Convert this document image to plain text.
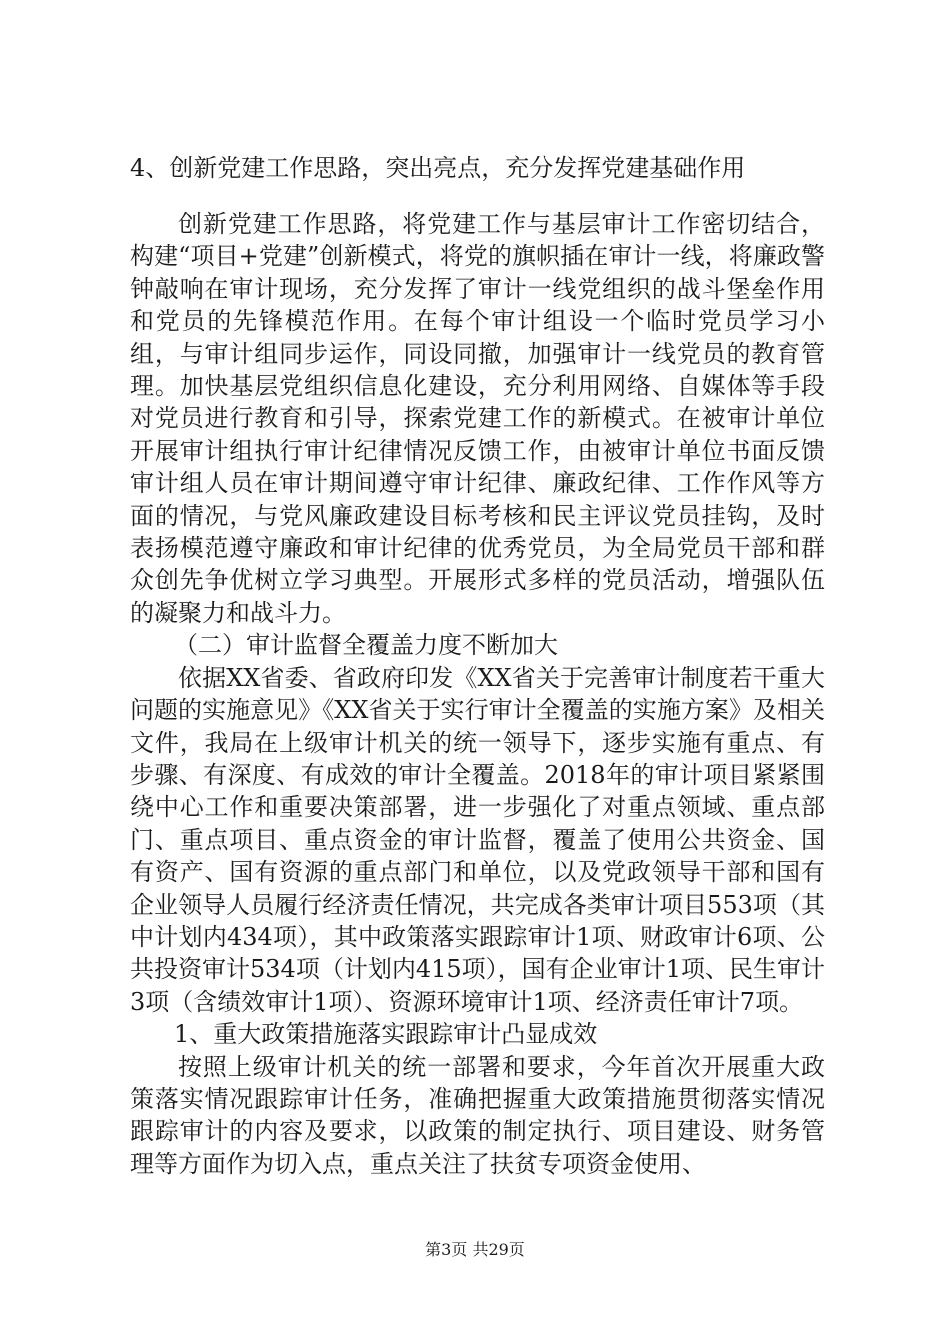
4、创新党建工作思路，突出亮点，充分发挥党建基础作用

创新党建工作思路，将党建工作与基层审计工作密切结合，构建“项目+党建”创新模式，将党的旗帜插在审计一线，将廉政警钟敲响在审计现场，充分发挥了审计一线党组织的战斗堡垒作用和党员的先锋模范作用。在每个审计组设一个临时党员学习小组，与审计组同步运作，同设同撤，加强审计一线党员的教育管理。加快基层党组织信息化建设，充分利用网络、自媒体等手段对党员进行教育和引导，探索党建工作的新模式。在被审计单位开展审计组执行审计纪律情况反馈工作，由被审计单位书面反馈审计组人员在审计期间遵守审计纪律、廉政纪律、工作作风等方面的情况，与党风廉政建设目标考核和民主评议党员挂钩，及时表扬模范遵守廉政和审计纪律的优秀党员，为全局党员干部和群众创先争优树立学习典型。开展形式多样的党员活动，增强队伍的凝聚力和战斗力。

（二）审计监督全覆盖力度不断加大

依据XX省委、省政府印发《XX省关于完善审计制度若干重大问题的实施意见》《XX省关于实行审计全覆盖的实施方案》及相关文件，我局在上级审计机关的统一领导下，逐步实施有重点、有步骤、有深度、有成效的审计全覆盖。2018年的审计项目紧紧围绕中心工作和重要决策部署，进一步强化了对重点领域、重点部门、重点项目、重点资金的审计监督，覆盖了使用公共资金、国有资产、国有资源的重点部门和单位，以及党政领导干部和国有企业领导人员履行经济责任情况，共完成各类审计项目553项（其中计划内434项），其中政策落实跟踪审计1项、财政审计6项、公共投资审计534项（计划内415项），国有企业审计1项、民生审计3项（含绩效审计1项）、资源环境审计1项、经济责任审计7项。

1、重大政策措施落实跟踪审计凸显成效

按照上级审计机关的统一部署和要求，今年首次开展重大政策落实情况跟踪审计任务，准确把握重大政策措施贯彻落实情况跟踪审计的内容及要求，以政策的制定执行、项目建设、财务管理等方面作为切入点，重点关注了扶贫专项资金使用、

第3页 共29页
